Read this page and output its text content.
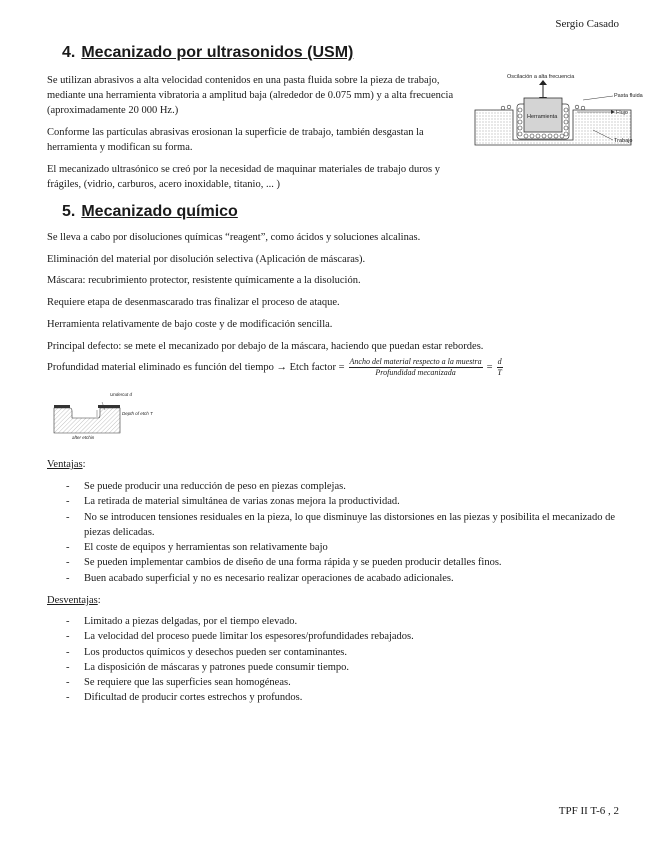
Sergio Casado
4. Mecanizado por ultrasonidos (USM)

Se utilizan abrasivos a alta velocidad contenidos en una pasta fluida sobre la pieza de trabajo, mediante una herramienta vibratoria a amplitud baja (alrededor de 0.075 mm) y a alta frecuencia (aproximadamente 20 000 Hz.)

Conforme las partículas abrasivas erosionan la superficie de trabajo, también desgastan la herramienta y modifican su forma.

El mecanizado ultrasónico se creó por la necesidad de maquinar materiales de trabajo duros y frágiles, (vidrio, carburos, acero inoxidable, titanio, ... )

Oscilación a alta frecuencia
Herramienta
Pasta fluida
Flujo
Trabajo
5. Mecanizado químico
Se lleva a cabo por disoluciones químicas “reagent”, como ácidos y soluciones alcalinas.
Eliminación del material por disolución selectiva (Aplicación de máscaras).
Máscara: recubrimiento protector, resistente químicamente a la disolución.
Requiere etapa de desenmascarado tras finalizar el proceso de ataque.
Herramienta relativamente de bajo coste y de modificación sencilla.
Principal defecto: se mete el mecanizado por debajo de la máscara, haciendo que puedan estar rebordes.
Profundidad material eliminado es función del tiempo → Etch factor =
Ancho del material respecto a la muestra
Profundidad mecanizada	= $\frac{d}{T}$
Undercut d
Depth of etch T
after etchin
Ventajas:
- Se puede producir una reducción de peso en piezas complejas.
- La retirada de material simultánea de varias zonas mejora la productividad.
- No se introducen tensiones residuales en la pieza, lo que disminuye las distorsiones en las piezas y posibilita el mecanizado de piezas delicadas.
- El coste de equipos y herramientas son relativamente bajo
- Se pueden implementar cambios de diseño de una forma rápida y se pueden producir detalles finos.
- Buen acabado superficial y no es necesario realizar operaciones de acabado adicionales.
Desventajas:
- Limitado a piezas delgadas, por el tiempo elevado.
- La velocidad del proceso puede limitar los espesores/profundidades rebajados.
- Los productos químicos y desechos pueden ser contaminantes.
- La disposición de máscaras y patrones puede consumir tiempo.
- Se requiere que las superficies sean homogéneas.
- Dificultad de producir cortes estrechos y profundos.
TPF II T-6 , 2
